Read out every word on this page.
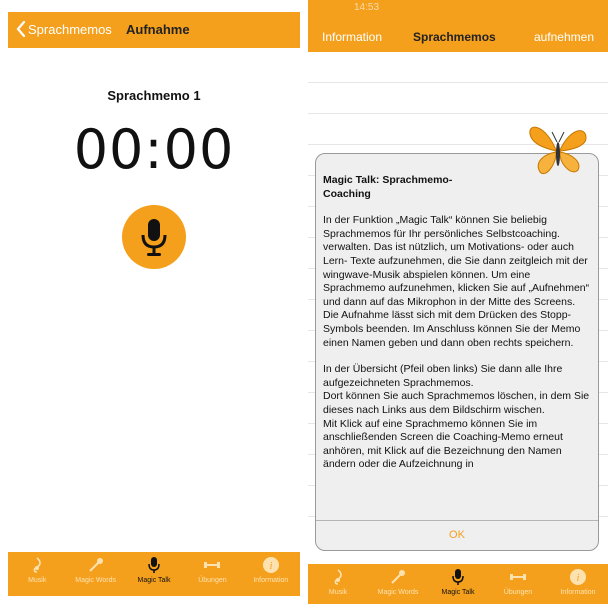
Sprachmemos Aufnahme
Sprachmemo 1
00:00
Musik	Magic Words	Magic Talk	Übungen
i
Information
14:53
Information	Sprachmemos	aufnehmen
Magic Talk: Sprachmemo-Coaching
In der Funktion „Magic Talk“ können Sie beliebig Sprachmemos für Ihr persönliches Selbstcoaching. verwalten. Das ist nützlich, um Motivations- oder auch Lern- Texte aufzunehmen, die Sie dann zeitgleich mit der wingwave-Musik abspielen können. Um eine Sprachmemo aufzunehmen, klicken Sie auf „Aufnehmen“ und dann auf das Mikrophon in der Mitte des Screens. Die Aufnahme lässt sich mit dem Drücken des Stopp-Symbols beenden. Im Anschluss können Sie der Memo einen Namen geben und dann oben rechts speichern.
In der Übersicht (Pfeil oben links) Sie dann alle Ihre aufgezeichneten Sprachmemos.
Dort können Sie auch Sprachmemos löschen, in dem Sie dieses nach Links aus dem Bildschirm wischen.
Mit Klick auf eine Sprachmemo können Sie im anschließenden Screen die Coaching-Memo erneut anhören, mit Klick auf die Bezeichnung den Namen ändern oder die Aufzeichnung in
OK
Musik	Magic Words	Magic Talk	Übungen
i
Information
